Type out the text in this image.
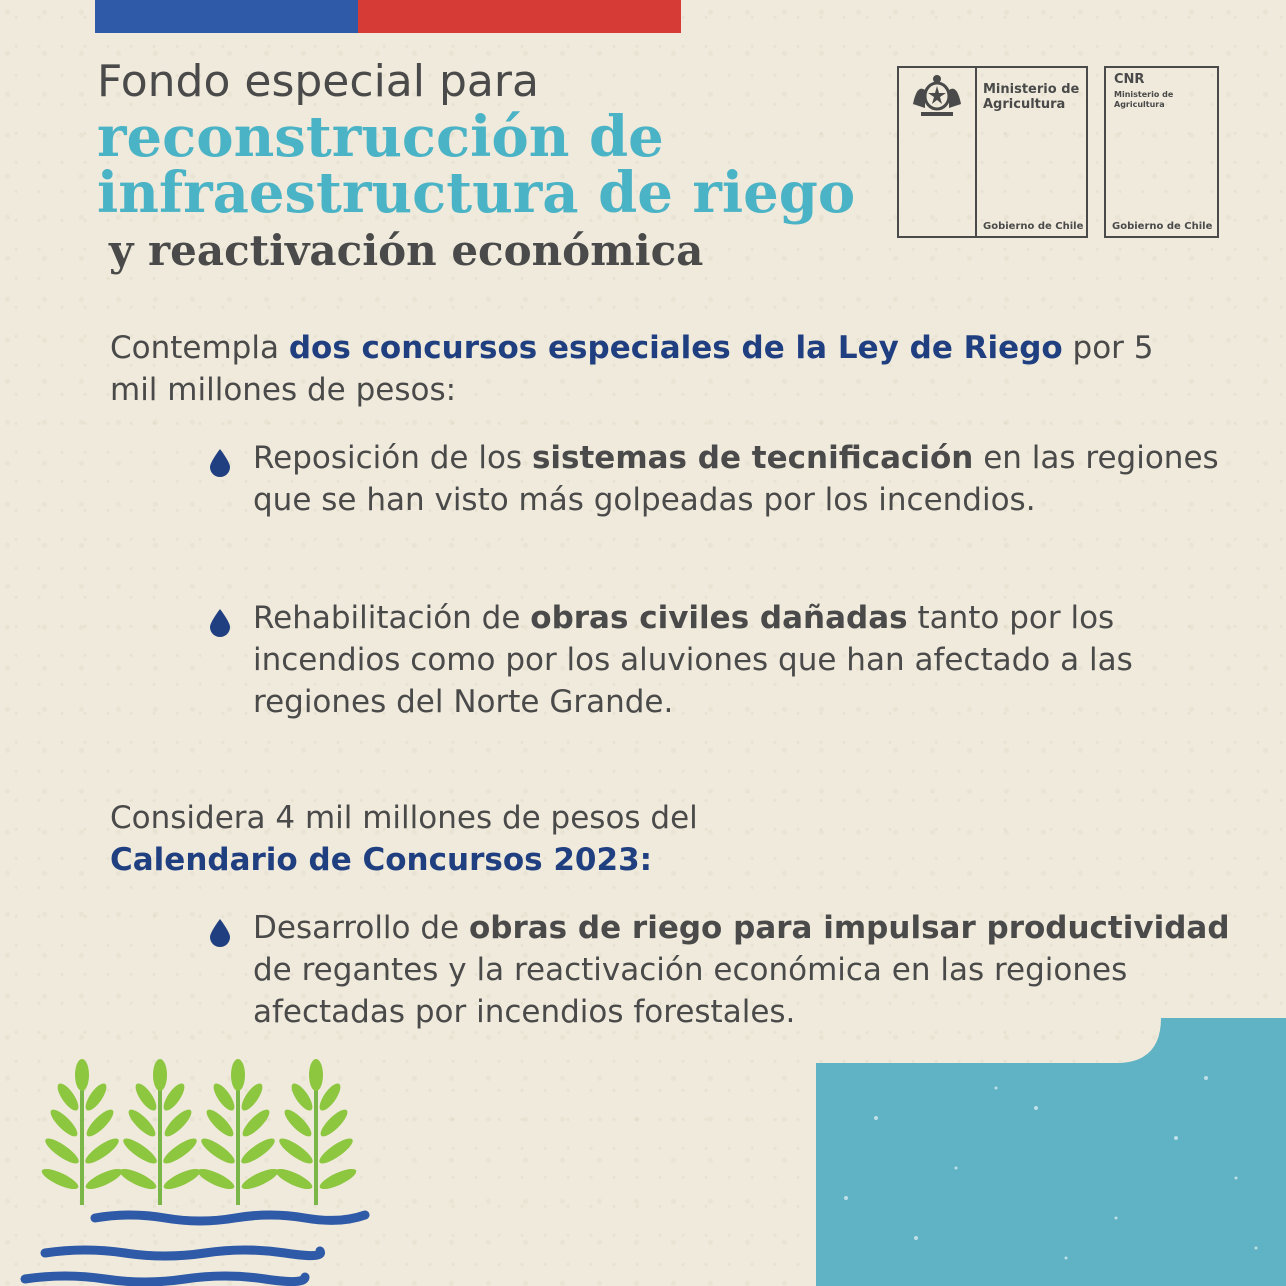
Fondo especial para
reconstrucción de
infraestructura de riego
y reactivación económica
Ministerio de Agricultura
Gobierno de Chile
CNR
Ministerio de Agricultura
Gobierno de Chile

Contempla dos concursos especiales de la Ley de Riego por 5 mil millones de pesos:

Reposición de los sistemas de tecnificación en las regiones que se han visto más golpeadas por los incendios.
Rehabilitación de obras civiles dañadas tanto por los incendios como por los aluviones que han afectado a las regiones del Norte Grande.

Considera 4 mil millones de pesos del
Calendario de Concursos 2023:

Desarrollo de obras de riego para impulsar productividad de regantes y la reactivación económica en las regiones afectadas por incendios forestales.
